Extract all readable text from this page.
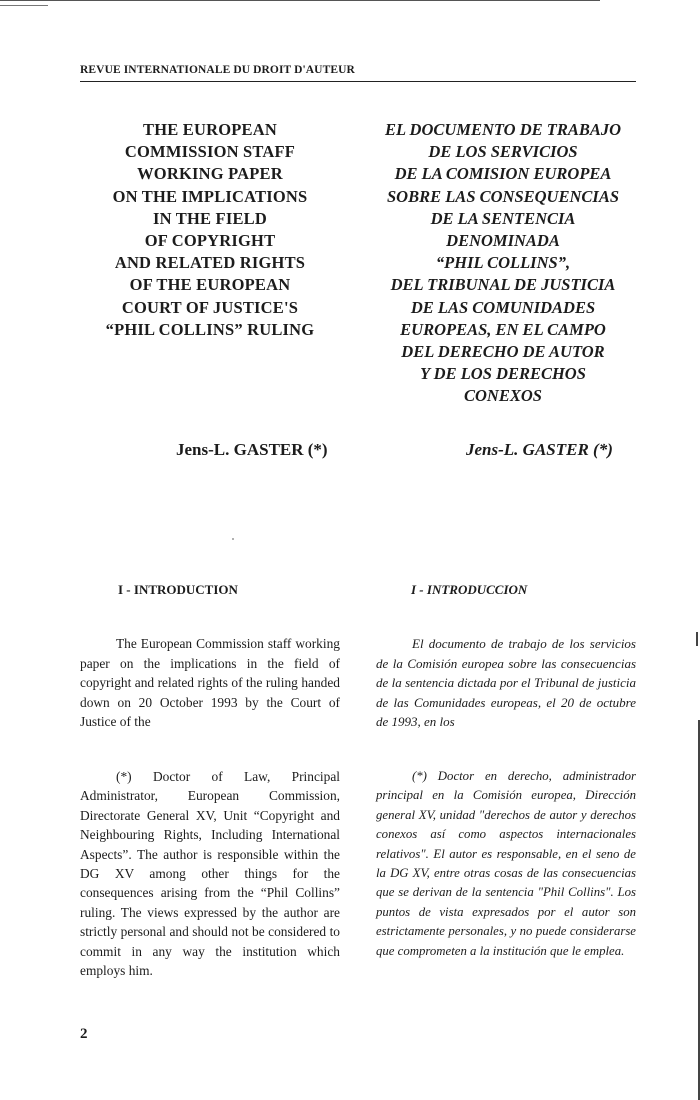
REVUE INTERNATIONALE DU DROIT D'AUTEUR
THE EUROPEAN
COMMISSION STAFF
WORKING PAPER
ON THE IMPLICATIONS
IN THE FIELD
OF COPYRIGHT
AND RELATED RIGHTS
OF THE EUROPEAN
COURT OF JUSTICE'S
“PHIL COLLINS” RULING
EL DOCUMENTO DE TRABAJO
DE LOS SERVICIOS
DE LA COMISION EUROPEA
SOBRE LAS CONSEQUENCIAS
DE LA SENTENCIA
DENOMINADA
“PHIL COLLINS”,
DEL TRIBUNAL DE JUSTICIA
DE LAS COMUNIDADES
EUROPEAS, EN EL CAMPO
DEL DERECHO DE AUTOR
Y DE LOS DERECHOS
CONEXOS
Jens-L. GASTER (*)	Jens-L. GASTER (*)
I - INTRODUCTION	I - INTRODUCCION

The European Commission staff working paper on the implications in the field of copyright and related rights of the ruling handed down on 20 October 1993 by the Court of Justice of the

El documento de trabajo de los servicios de la Comisión europea sobre las consecuencias de la sentencia dictada por el Tribunal de justicia de las Comunidades europeas, el 20 de octubre de 1993, en los

(*) Doctor of Law, Principal Administrator, European Commission, Directorate General XV, Unit “Copyright and Neighbouring Rights, Including International Aspects”. The author is responsible within the DG XV among other things for the consequences arising from the “Phil Collins” ruling. The views expressed by the author are strictly personal and should not be considered to commit in any way the institution which employs him.

(*) Doctor en derecho, administrador principal en la Comisión europea, Dirección general XV, unidad "derechos de autor y derechos conexos así como aspectos internacionales relativos". El autor es responsable, en el seno de la DG XV, entre otras cosas de las consecuencias que se derivan de la sentencia "Phil Collins". Los puntos de vista expresados por el autor son estrictamente personales, y no puede considerarse que comprometen a la institución que le emplea.

2
